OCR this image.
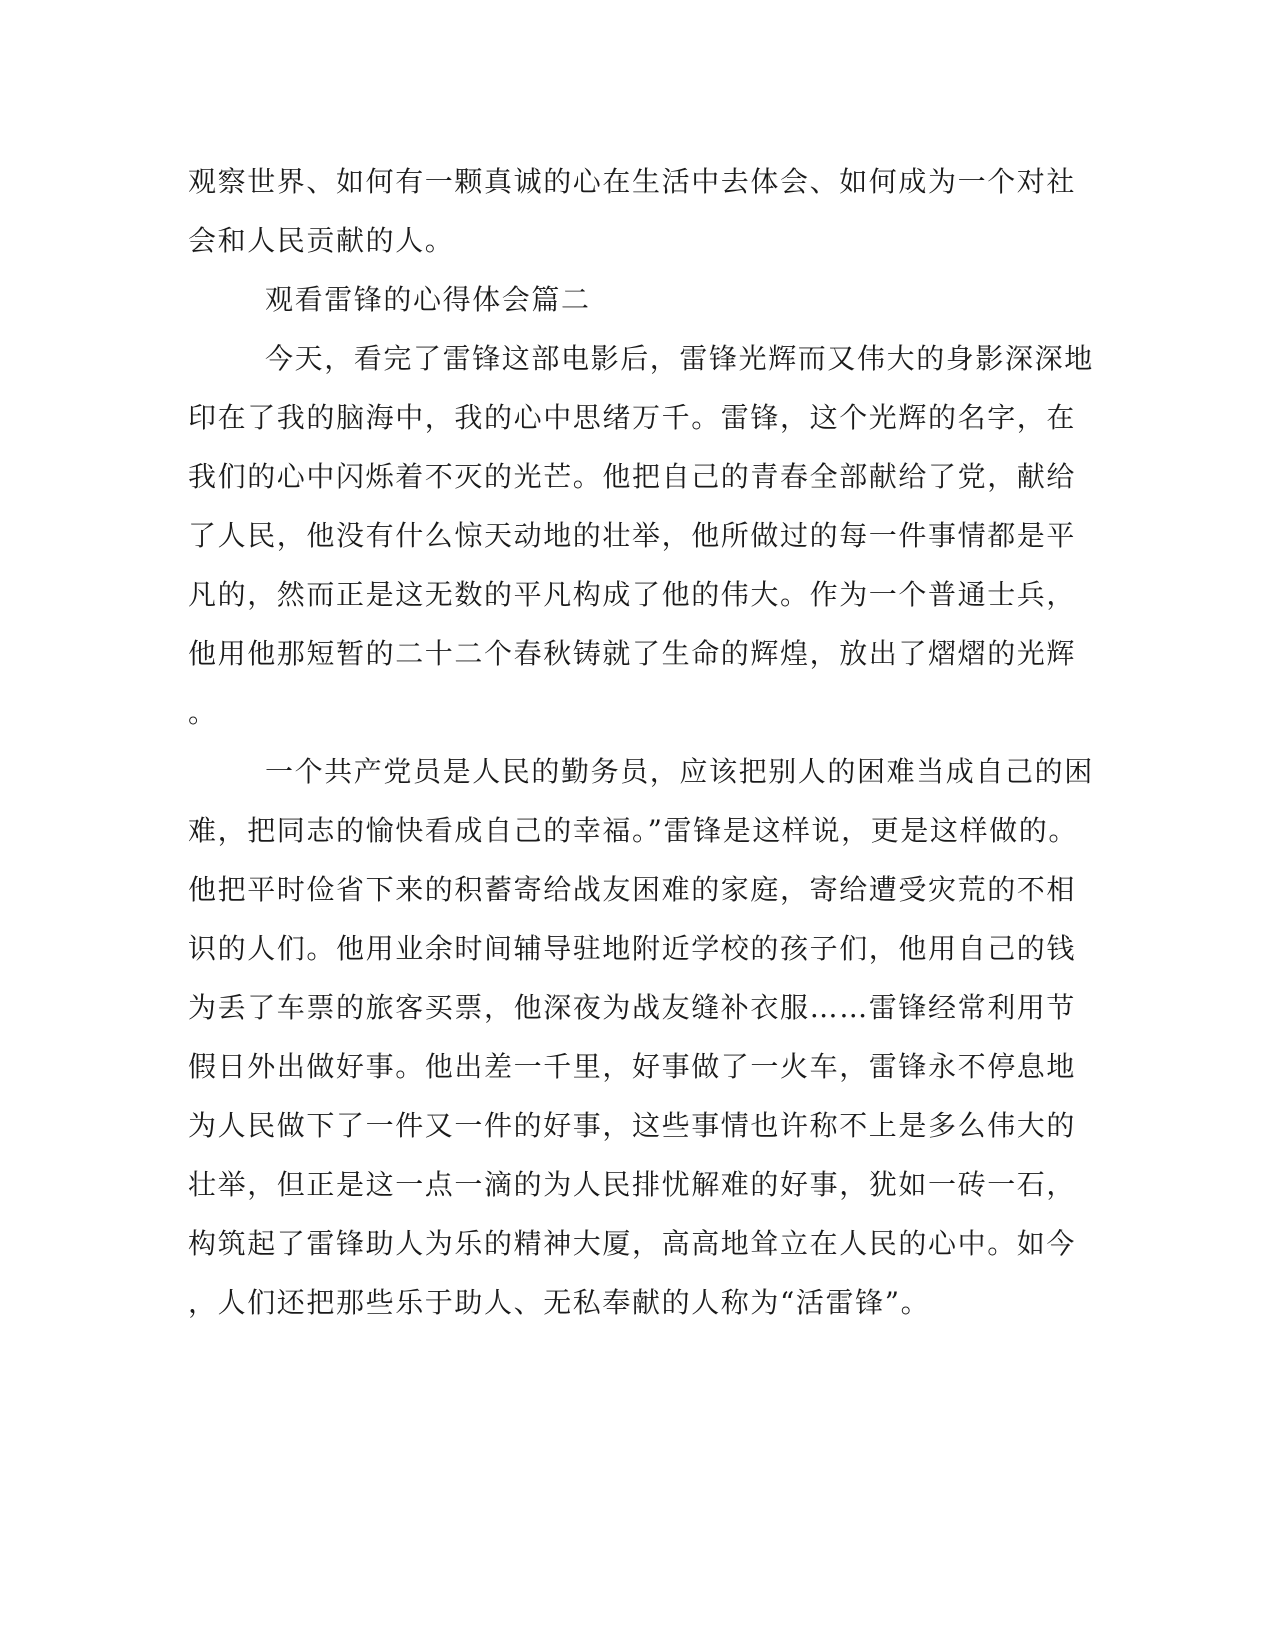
观察世界、如何有一颗真诚的心在生活中去体会、如何成为一个对社
会和人民贡献的人。
观看雷锋的心得体会篇二
今天，看完了雷锋这部电影后，雷锋光辉而又伟大的身影深深地
印在了我的脑海中，我的心中思绪万千。雷锋，这个光辉的名字，在
我们的心中闪烁着不灭的光芒。他把自己的青春全部献给了党，献给
了人民，他没有什么惊天动地的壮举，他所做过的每一件事情都是平
凡的，然而正是这无数的平凡构成了他的伟大。作为一个普通士兵，
他用他那短暂的二十二个春秋铸就了生命的辉煌，放出了熠熠的光辉
。
一个共产党员是人民的勤务员，应该把别人的困难当成自己的困
难，把同志的愉快看成自己的幸福。”雷锋是这样说，更是这样做的。
他把平时俭省下来的积蓄寄给战友困难的家庭，寄给遭受灾荒的不相
识的人们。他用业余时间辅导驻地附近学校的孩子们，他用自己的钱
为丢了车票的旅客买票，他深夜为战友缝补衣服……雷锋经常利用节
假日外出做好事。他出差一千里，好事做了一火车，雷锋永不停息地
为人民做下了一件又一件的好事，这些事情也许称不上是多么伟大的
壮举，但正是这一点一滴的为人民排忧解难的好事，犹如一砖一石，
构筑起了雷锋助人为乐的精神大厦，高高地耸立在人民的心中。如今
，人们还把那些乐于助人、无私奉献的人称为“活雷锋”。
